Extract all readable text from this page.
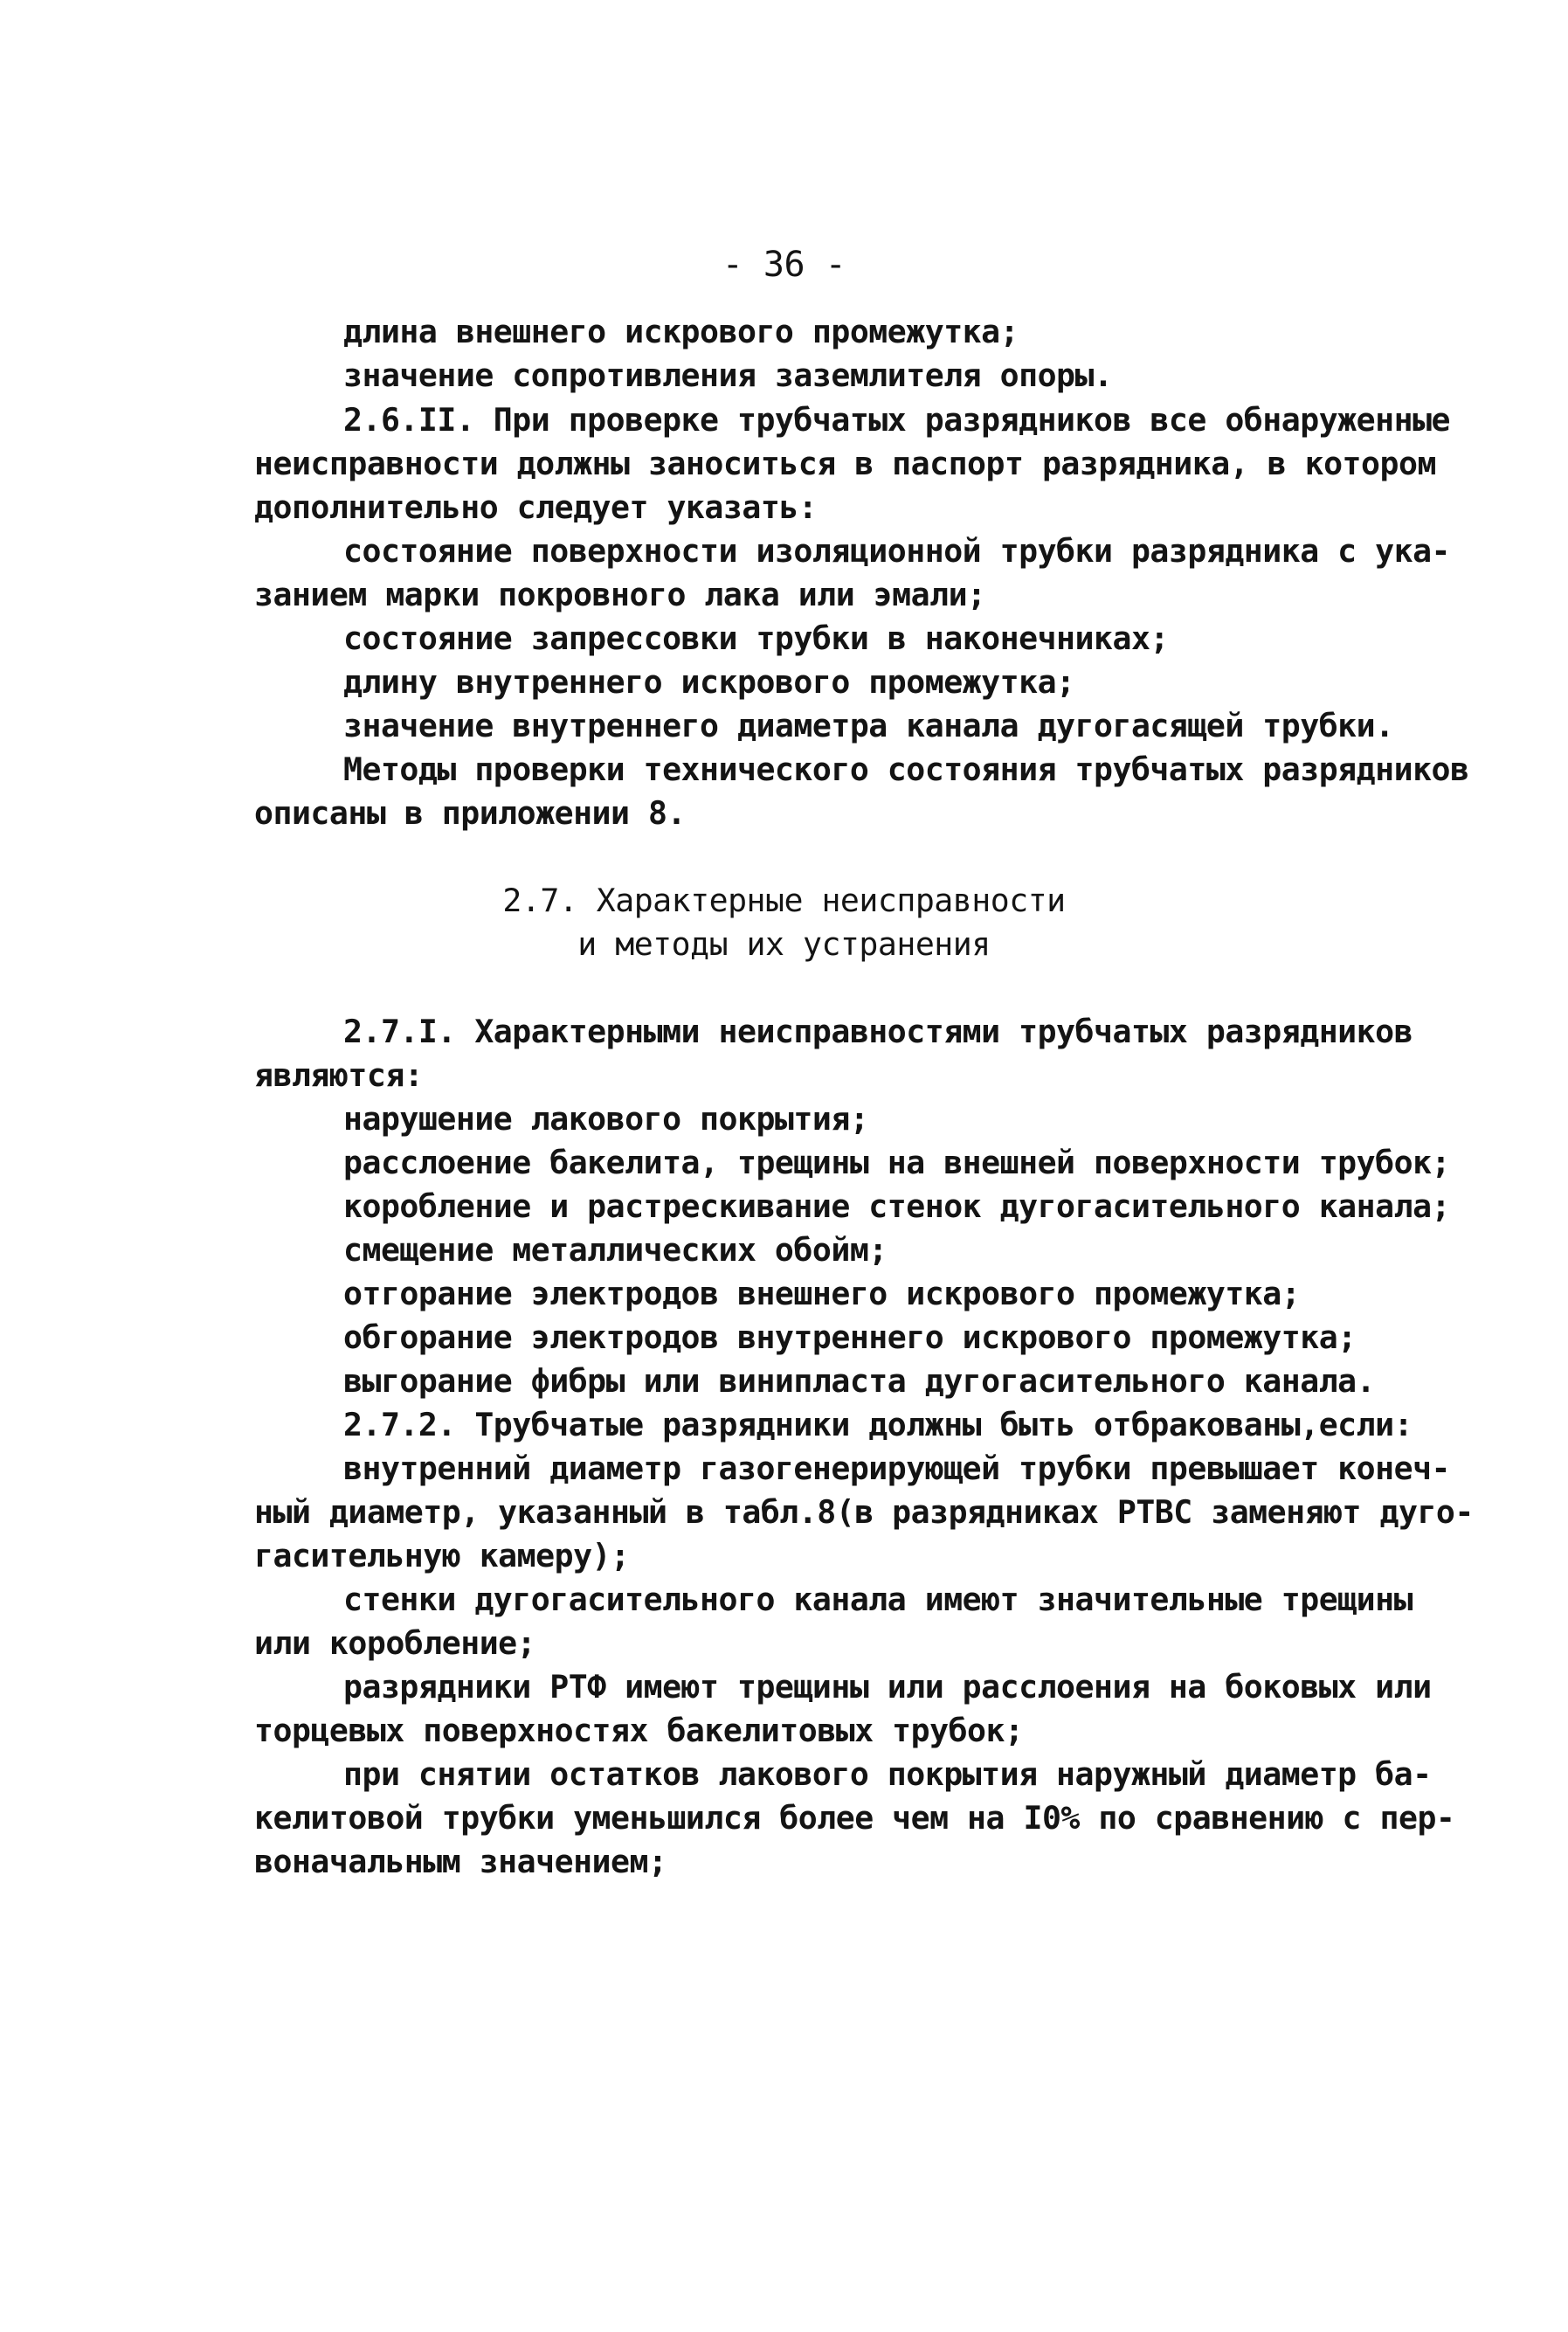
- 36 -
длина внешнего искрового промежутка;
значение сопротивления заземлителя опоры.
2.6.II. При проверке трубчатых разрядников все обнаруженные
неисправности должны заноситься в паспорт разрядника, в котором
дополнительно следует указать:
состояние поверхности изоляционной трубки разрядника с ука-
занием марки покровного лака или эмали;
состояние запрессовки трубки в наконечниках;
длину внутреннего искрового промежутка;
значение внутреннего диаметра канала дугогасящей трубки.
Методы проверки технического состояния трубчатых разрядников
описаны в приложении 8.
2.7. Характерные неисправности
и методы их устранения
2.7.I. Характерными неисправностями трубчатых разрядников
являются:
нарушение лакового покрытия;
расслоение бакелита, трещины на внешней поверхности трубок;
коробление и растрескивание стенок дугогасительного канала;
смещение металлических обойм;
отгорание электродов внешнего искрового промежутка;
обгорание электродов внутреннего искрового промежутка;
выгорание фибры или винипласта дугогасительного канала.
2.7.2. Трубчатые разрядники должны быть отбракованы,если:
внутренний диаметр газогенерирующей трубки превышает конеч-
ный диаметр, указанный в табл.8(в разрядниках РТВС заменяют дуго-
гасительную камеру);
стенки дугогасительного канала имеют значительные трещины
или коробление;
разрядники РТФ имеют трещины или расслоения на боковых или
торцевых поверхностях бакелитовых трубок;
при снятии остатков лакового покрытия наружный диаметр ба-
келитовой трубки уменьшился более чем на I0% по сравнению с пер-
воначальным значением;
